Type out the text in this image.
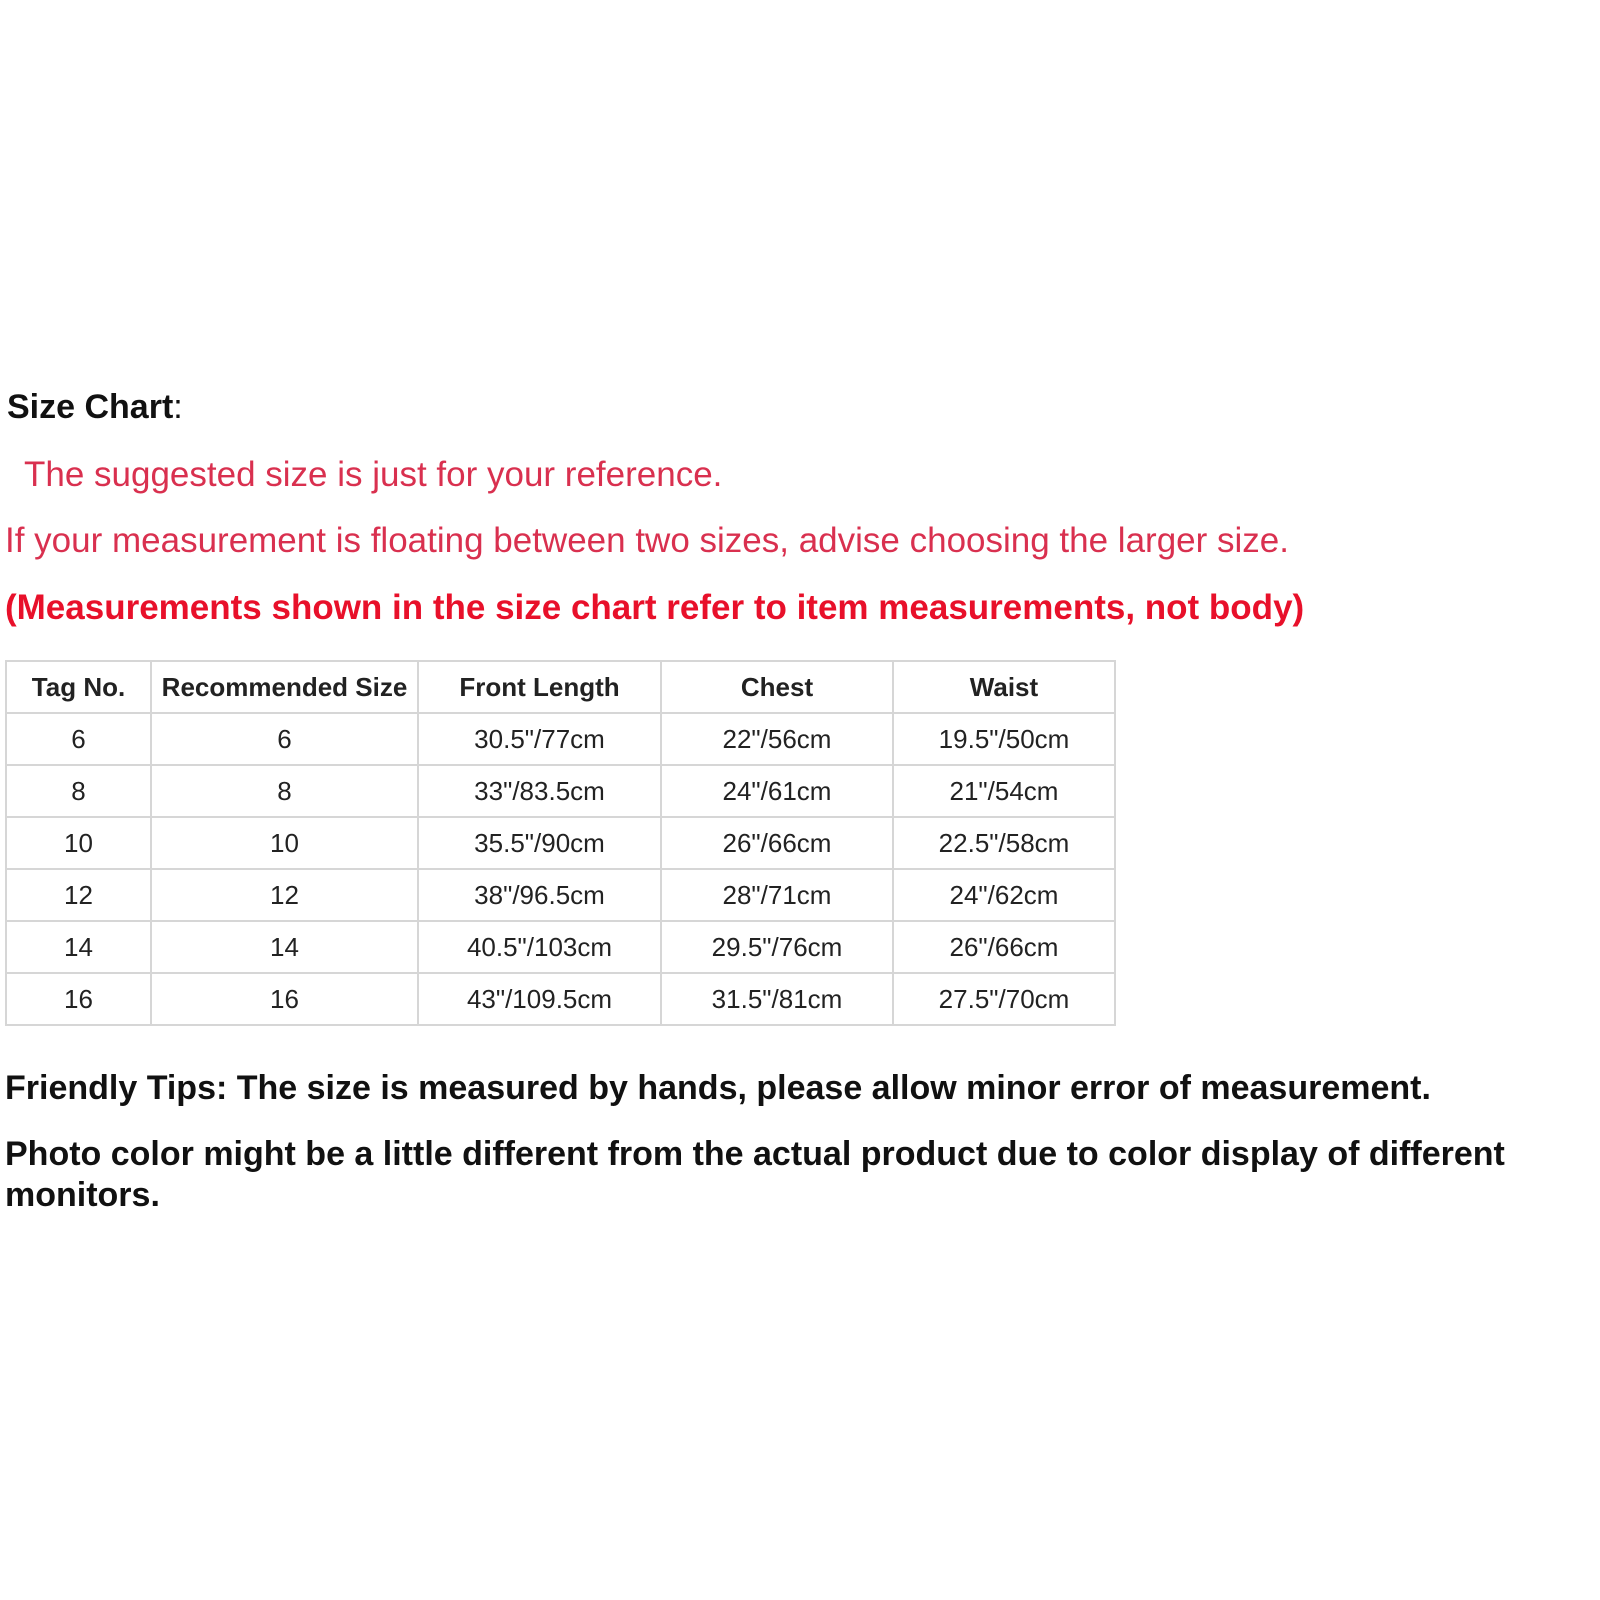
Size Chart:
The suggested size is just for your reference.
If your measurement is floating between two sizes, advise choosing the larger size.
(Measurements shown in the size chart refer to item measurements, not body)
Tag No.	Recommended Size	Front Length	Chest	Waist
6	6	30.5"/77cm	22"/56cm	19.5"/50cm
8	8	33"/83.5cm	24"/61cm	21"/54cm
10	10	35.5"/90cm	26"/66cm	22.5"/58cm
12	12	38"/96.5cm	28"/71cm	24"/62cm
14	14	40.5"/103cm	29.5"/76cm	26"/66cm
16	16	43"/109.5cm	31.5"/81cm	27.5"/70cm
Friendly Tips: The size is measured by hands, please allow minor error of measurement.
Photo color might be a little different from the actual product due to color display of different
monitors.
